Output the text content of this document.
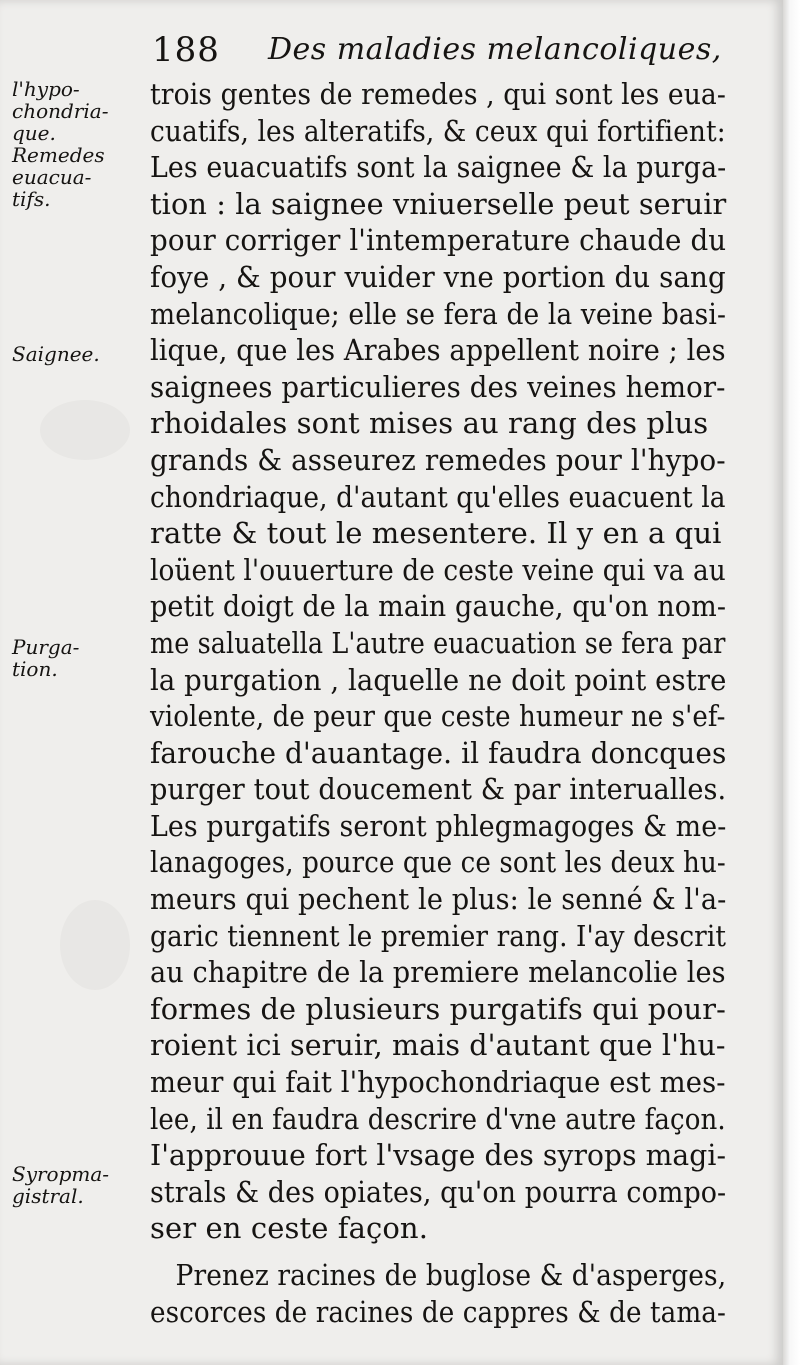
188 Des maladies melancoliques,
l'hypo-
chondria-
que.
Remedes
euacua-
tifs.
Saignee.
Purga-
tion.
Syropma-
gistral.
trois gentes de remedes , qui sont les eua-
cuatifs, les alteratifs, & ceux qui fortifient:
Les euacuatifs sont la saignee & la purga-
tion : la saignee vniuerselle peut seruir
pour corriger l'intemperature chaude du
foye , & pour vuider vne portion du sang
melancolique; elle se fera de la veine basi-
lique, que les Arabes appellent noire ; les
saignees particulieres des veines hemor-
rhoidales sont mises au rang des plus
grands & asseurez remedes pour l'hypo-
chondriaque, d'autant qu'elles euacuent la
ratte & tout le mesentere. Il y en a qui
loüent l'ouuerture de ceste veine qui va au
petit doigt de la main gauche, qu'on nom-
me saluatella L'autre euacuation se fera par
la purgation , laquelle ne doit point estre
violente, de peur que ceste humeur ne s'ef-
farouche d'auantage. il faudra doncques
purger tout doucement & par interualles.
Les purgatifs seront phlegmagoges & me-
lanagoges, pource que ce sont les deux hu-
meurs qui pechent le plus: le senné & l'a-
garic tiennent le premier rang. I'ay descrit
au chapitre de la premiere melancolie les
formes de plusieurs purgatifs qui pour-
roient ici seruir, mais d'autant que l'hu-
meur qui fait l'hypochondriaque est mes-
lee, il en faudra descrire d'vne autre façon.
I'approuue fort l'vsage des syrops magi-
strals & des opiates, qu'on pourra compo-
ser en ceste façon.
Prenez racines de buglose & d'asperges,
escorces de racines de cappres & de tama-
